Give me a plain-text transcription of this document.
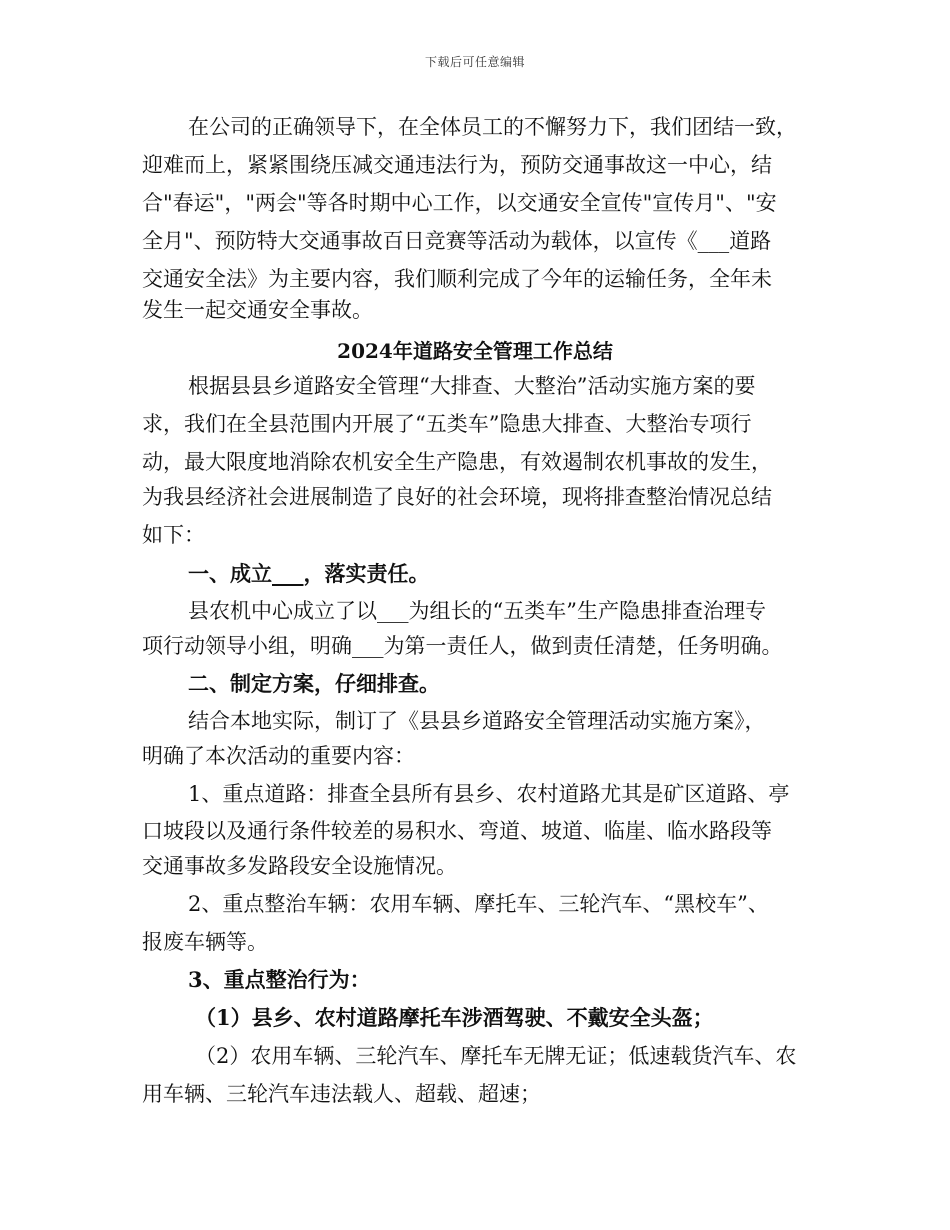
下载后可任意编辑
在公司的正确领导下，在全体员工的不懈努力下，我们团结一致，
迎难而上，紧紧围绕压减交通违法行为，预防交通事故这一中心，结
合"春运"，"两会"等各时期中心工作，以交通安全宣传"宣传月"、"安
全月"、预防特大交通事故百日竞赛等活动为载体，以宣传《___道路
交通安全法》为主要内容，我们顺利完成了今年的运输任务，全年未
发生一起交通安全事故。
2024年道路安全管理工作总结
根据县县乡道路安全管理“大排查、大整治”活动实施方案的要
求，我们在全县范围内开展了“五类车”隐患大排查、大整治专项行
动，最大限度地消除农机安全生产隐患，有效遏制农机事故的发生，
为我县经济社会进展制造了良好的社会环境，现将排查整治情况总结
如下：
一、成立___，落实责任。
县农机中心成立了以___为组长的“五类车”生产隐患排查治理专
项行动领导小组，明确___为第一责任人，做到责任清楚，任务明确。
二、制定方案，仔细排查。
结合本地实际，制订了《县县乡道路安全管理活动实施方案》，
明确了本次活动的重要内容：
1、重点道路：排查全县所有县乡、农村道路尤其是矿区道路、亭
口坡段以及通行条件较差的易积水、弯道、坡道、临崖、临水路段等
交通事故多发路段安全设施情况。
2、重点整治车辆：农用车辆、摩托车、三轮汽车、“黑校车”、
报废车辆等。
3、重点整治行为：
（1）县乡、农村道路摩托车涉酒驾驶、不戴安全头盔；
（2）农用车辆、三轮汽车、摩托车无牌无证；低速载货汽车、农
用车辆、三轮汽车违法载人、超载、超速；
